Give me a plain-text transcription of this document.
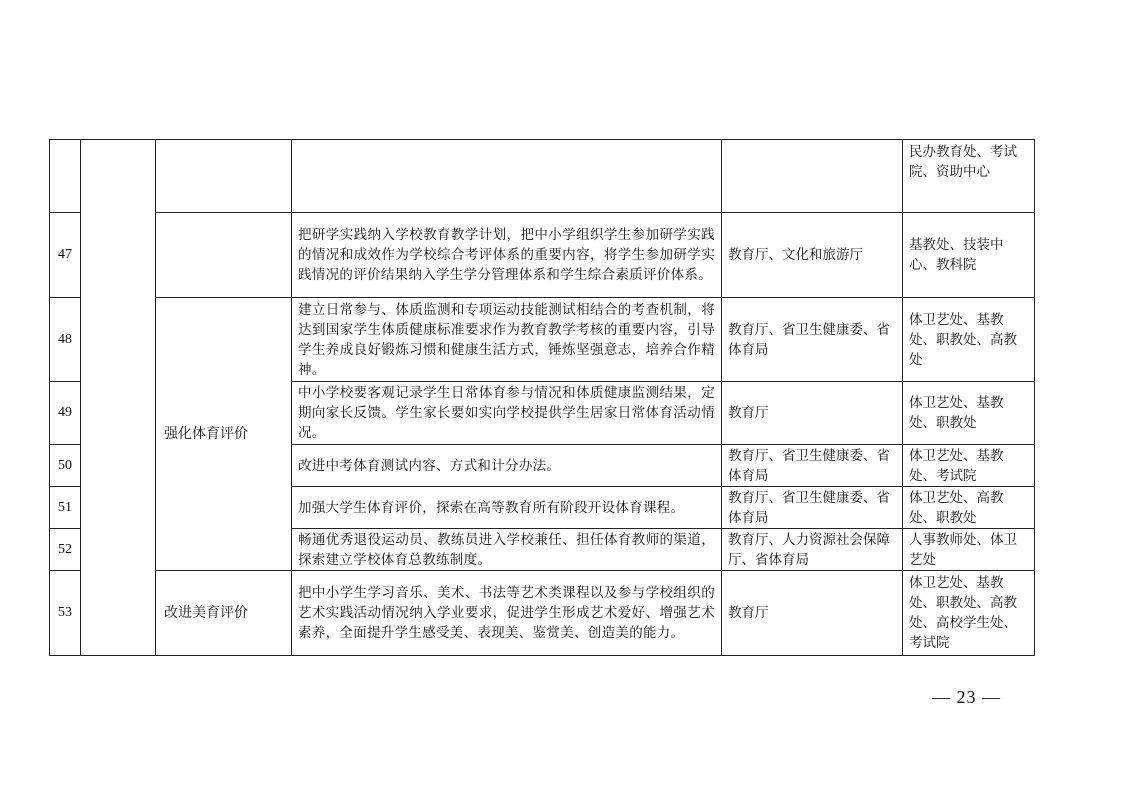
					民办教育处、考试院、资助中心
47			把研学实践纳入学校教育教学计划，把中小学组织学生参加研学实践的情况和成效作为学校综合考评体系的重要内容，将学生参加研学实践情况的评价结果纳入学生学分管理体系和学生综合素质评价体系。	教育厅、文化和旅游厅	基教处、技装中心、教科院
48		强化体育评价	建立日常参与、体质监测和专项运动技能测试相结合的考查机制，将达到国家学生体质健康标准要求作为教育教学考核的重要内容，引导学生养成良好锻炼习惯和健康生活方式，锤炼坚强意志，培养合作精神。	教育厅、省卫生健康委、省体育局	体卫艺处、基教处、职教处、高教处
49			中小学校要客观记录学生日常体育参与情况和体质健康监测结果，定期向家长反馈。学生家长要如实向学校提供学生居家日常体育活动情况。	教育厅	体卫艺处、基教处、职教处
50			改进中考体育测试内容、方式和计分办法。	教育厅、省卫生健康委、省体育局	体卫艺处、基教处、考试院
51			加强大学生体育评价，探索在高等教育所有阶段开设体育课程。	教育厅、省卫生健康委、省体育局	体卫艺处、高教处、职教处
52			畅通优秀退役运动员、教练员进入学校兼任、担任体育教师的渠道，探索建立学校体育总教练制度。	教育厅、人力资源社会保障厅、省体育局	人事教师处、体卫艺处
53		改进美育评价	把中小学生学习音乐、美术、书法等艺术类课程以及参与学校组织的艺术实践活动情况纳入学业要求，促进学生形成艺术爱好、增强艺术素养，全面提升学生感受美、表现美、鉴赏美、创造美的能力。	教育厅	体卫艺处、基教处、职教处、高教处、高校学生处、考试院
— 23 —
